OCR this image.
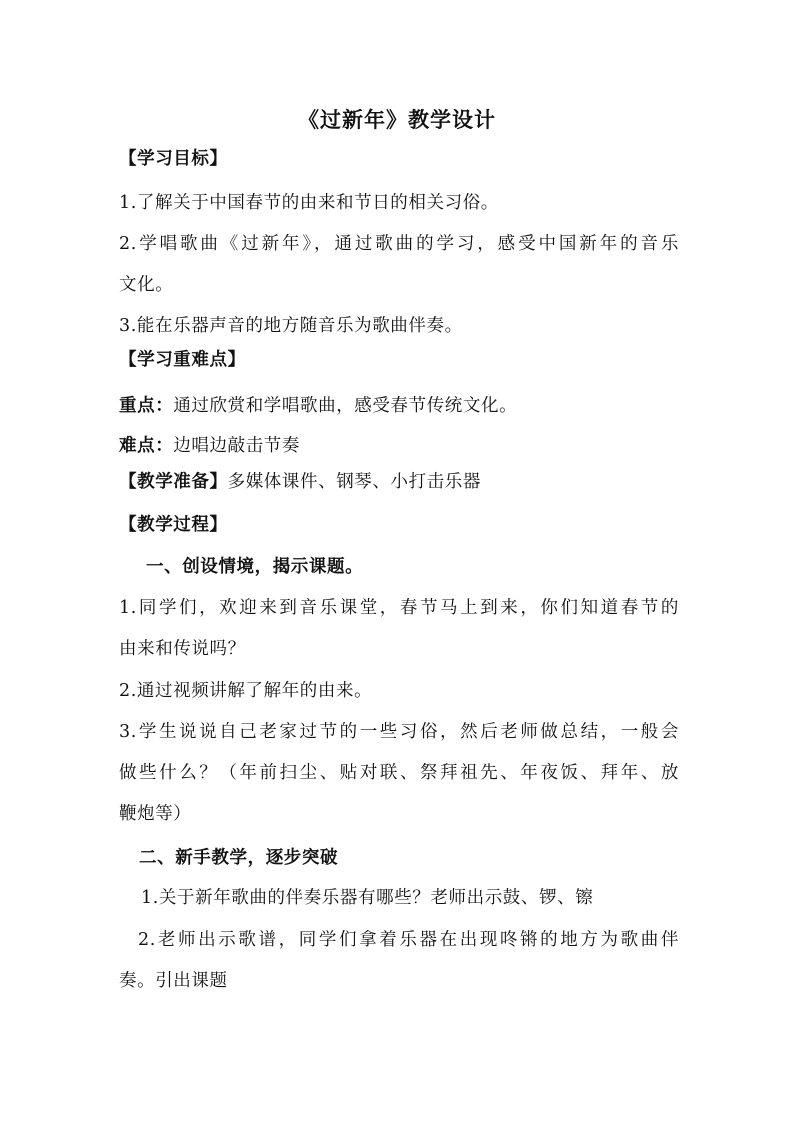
《过新年》教学设计
【学习目标】
1.了解关于中国春节的由来和节日的相关习俗。
2.学唱歌曲《过新年》，通过歌曲的学习，感受中国新年的音乐
文化。
3.能在乐器声音的地方随音乐为歌曲伴奏。
【学习重难点】
重点：通过欣赏和学唱歌曲，感受春节传统文化。
难点：边唱边敲击节奏
【教学准备】多媒体课件、钢琴、小打击乐器
【教学过程】
一、创设情境，揭示课题。
1.同学们，欢迎来到音乐课堂，春节马上到来，你们知道春节的
由来和传说吗？
2.通过视频讲解了解年的由来。
3.学生说说自己老家过节的一些习俗，然后老师做总结，一般会
做些什么？（年前扫尘、贴对联、祭拜祖先、年夜饭、拜年、放
鞭炮等）
二、新手教学，逐步突破
1.关于新年歌曲的伴奏乐器有哪些？老师出示鼓、锣、镲
2.老师出示歌谱，同学们拿着乐器在出现咚锵的地方为歌曲伴
奏。引出课题
